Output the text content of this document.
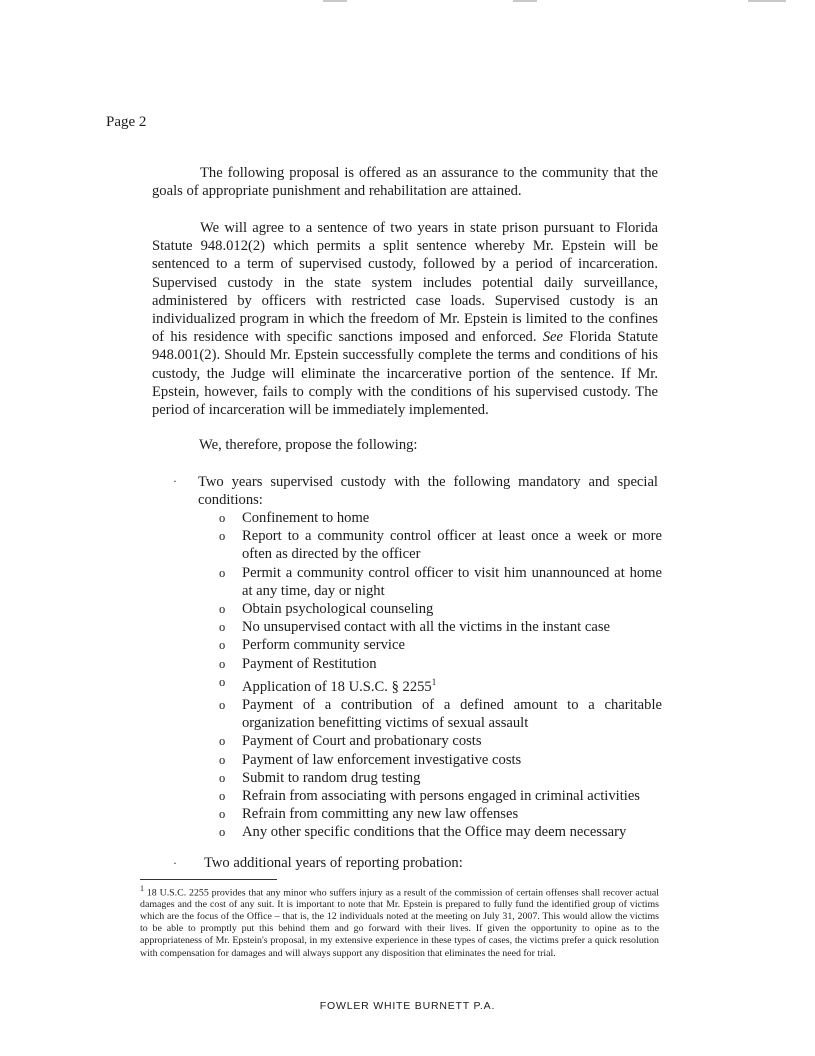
Page 2
The following proposal is offered as an assurance to the community that the goals of appropriate punishment and rehabilitation are attained.
We will agree to a sentence of two years in state prison pursuant to Florida Statute 948.012(2) which permits a split sentence whereby Mr. Epstein will be sentenced to a term of supervised custody, followed by a period of incarceration. Supervised custody in the state system includes potential daily surveillance, administered by officers with restricted case loads. Supervised custody is an individualized program in which the freedom of Mr. Epstein is limited to the confines of his residence with specific sanctions imposed and enforced. See Florida Statute 948.001(2). Should Mr. Epstein successfully complete the terms and conditions of his custody, the Judge will eliminate the incarcerative portion of the sentence. If Mr. Epstein, however, fails to comply with the conditions of his supervised custody. The period of incarceration will be immediately implemented.
We, therefore, propose the following:
· Two years supervised custody with the following mandatory and special conditions:
o Confinement to home
o Report to a community control officer at least once a week or more often as directed by the officer
o Permit a community control officer to visit him unannounced at home at any time, day or night
o Obtain psychological counseling
o No unsupervised contact with all the victims in the instant case
o Perform community service
o Payment of Restitution
o Application of 18 U.S.C. § 2255$^1$
o Payment of a contribution of a defined amount to a charitable organization benefitting victims of sexual assault
o Payment of Court and probationary costs
o Payment of law enforcement investigative costs
o Submit to random drug testing
o Refrain from associating with persons engaged in criminal activities
o Refrain from committing any new law offenses
o Any other specific conditions that the Office may deem necessary
· Two additional years of reporting probation:
$^1$ 18 U.S.C. 2255 provides that any minor who suffers injury as a result of the commission of certain offenses shall recover actual damages and the cost of any suit. It is important to note that Mr. Epstein is prepared to fully fund the identified group of victims which are the focus of the Office – that is, the 12 individuals noted at the meeting on July 31, 2007. This would allow the victims to be able to promptly put this behind them and go forward with their lives. If given the opportunity to opine as to the appropriateness of Mr. Epstein's proposal, in my extensive experience in these types of cases, the victims prefer a quick resolution with compensation for damages and will always support any disposition that eliminates the need for trial.
FOWLER WHITE BURNETT P.A.
